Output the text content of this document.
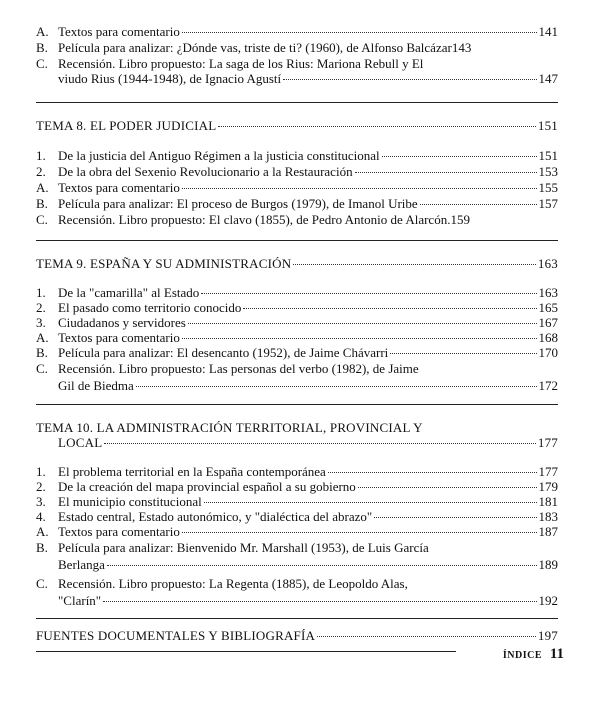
A. Textos para comentario	141
B. Película para analizar: ¿Dónde vas, triste de ti? (1960), de Alfonso Balcázar 143
C. Recensión. Libro propuesto: La saga de los Rius: Mariona Rebull y El
viudo Rius (1944-1948), de Ignacio Agustí	147
TEMA 8. EL PODER JUDICIAL	151
1. De la justicia del Antiguo Régimen a la justicia constitucional	151
2. De la obra del Sexenio Revolucionario a la Restauración	153
A. Textos para comentario	155
B. Película para analizar: El proceso de Burgos (1979), de Imanol Uribe	157
C. Recensión. Libro propuesto: El clavo (1855), de Pedro Antonio de Alarcón. 159
TEMA 9. ESPAÑA Y SU ADMINISTRACIÓN	163
1. De la "camarilla" al Estado	163
2. El pasado como territorio conocido	165
3. Ciudadanos y servidores	167
A. Textos para comentario	168
B. Película para analizar: El desencanto (1952), de Jaime Chávarri	170
C. Recensión. Libro propuesto: Las personas del verbo (1982), de Jaime
Gil de Biedma	172
TEMA 10. LA ADMINISTRACIÓN TERRITORIAL, PROVINCIAL Y
LOCAL	177
1. El problema territorial en la España contemporánea	177
2. De la creación del mapa provincial español a su gobierno	179
3. El municipio constitucional	181
4. Estado central, Estado autonómico, y "dialéctica del abrazo"	183
A. Textos para comentario	187
B. Película para analizar: Bienvenido Mr. Marshall (1953), de Luis García
Berlanga	189
C. Recensión. Libro propuesto: La Regenta (1885), de Leopoldo Alas,
"Clarín"	192
FUENTES DOCUMENTALES Y BIBLIOGRAFÍA	197
ÍNDICE 11
